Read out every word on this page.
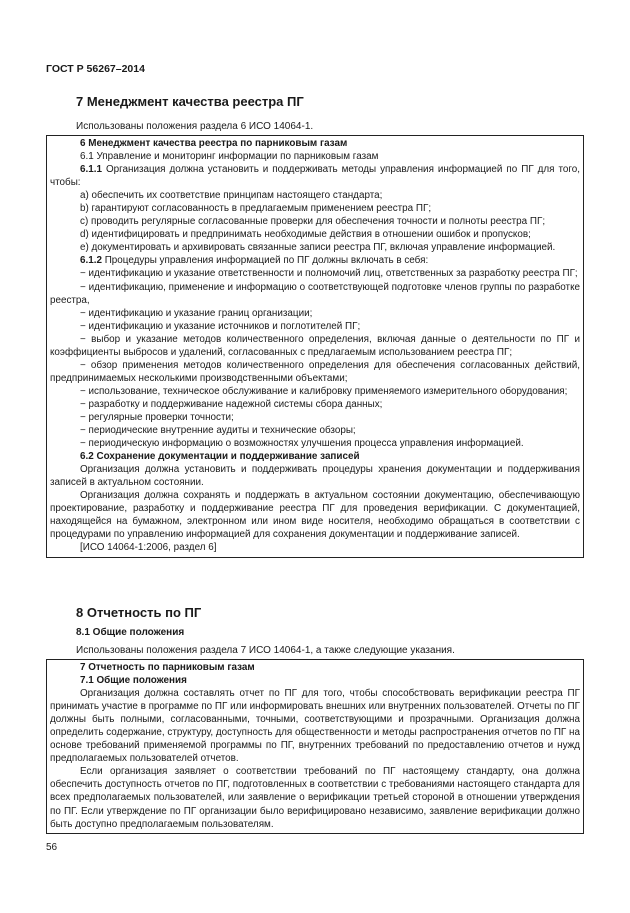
ГОСТ Р 56267–2014
7 Менеджмент качества реестра ПГ
Использованы положения раздела 6 ИСО 14064-1.

6 Менеджмент качества реестра по парниковым газам

6.1 Управление и мониторинг информации по парниковым газам

6.1.1 Организация должна установить и поддерживать методы управления информацией по ПГ для того, чтобы:

a) обеспечить их соответствие принципам настоящего стандарта;

b) гарантируют согласованность в предлагаемым применением реестра ПГ;

c) проводить регулярные согласованные проверки для обеспечения точности и полноты реестра ПГ;

d) идентифицировать и предпринимать необходимые действия в отношении ошибок и пропусков;

e) документировать и архивировать связанные записи реестра ПГ, включая управление информацией.

6.1.2 Процедуры управления информацией по ПГ должны включать в себя:

− идентификацию и указание ответственности и полномочий лиц, ответственных за разработку реестра ПГ;

− идентификацию, применение и информацию о соответствующей подготовке членов группы по разработке реестра,

− идентификацию и указание границ организации;

− идентификацию и указание источников и поглотителей ПГ;

− выбор и указание методов количественного определения, включая данные о деятельности по ПГ и коэффициенты выбросов и удалений, согласованных с предлагаемым использованием реестра ПГ;

− обзор применения методов количественного определения для обеспечения согласованных действий, предпринимаемых несколькими производственными объектами;

− использование, техническое обслуживание и калибровку применяемого измерительного оборудования;

− разработку и поддерживание надежной системы сбора данных;

− регулярные проверки точности;

− периодические внутренние аудиты и технические обзоры;

− периодическую информацию о возможностях улучшения процесса управления информацией.

6.2 Сохранение документации и поддерживание записей

Организация должна установить и поддерживать процедуры хранения документации и поддерживания записей в актуальном состоянии.

Организация должна сохранять и поддержать в актуальном состоянии документацию, обеспечивающую проектирование, разработку и поддерживание реестра ПГ для проведения верификации. С документацией, находящейся на бумажном, электронном или ином виде носителя, необходимо обращаться в соответствии с процедурами по управлению информацией для сохранения документации и поддерживание записей.

[ИСО 14064-1:2006, раздел 6]

8 Отчетность по ПГ
8.1 Общие положения
Использованы положения раздела 7 ИСО 14064-1, а также следующие указания.

7 Отчетность по парниковым газам

7.1 Общие положения

Организация должна составлять отчет по ПГ для того, чтобы способствовать верификации реестра ПГ принимать участие в программе по ПГ или информировать внешних или внутренних пользователей. Отчеты по ПГ должны быть полными, согласованными, точными, соответствующими и прозрачными. Организация должна определить содержание, структуру, доступность для общественности и методы распространения отчетов по ПГ на основе требований применяемой программы по ПГ, внутренних требований по предоставлению отчетов и нужд предполагаемых пользователей отчетов.

Если организация заявляет о соответствии требований по ПГ настоящему стандарту, она должна обеспечить доступность отчетов по ПГ, подготовленных в соответствии с требованиями настоящего стандарта для всех предполагаемых пользователей, или заявление о верификации третьей стороной в отношении утверждения по ПГ. Если утверждение по ПГ организации было верифицировано независимо, заявление верификации должно быть доступно предполагаемым пользователям.

56
